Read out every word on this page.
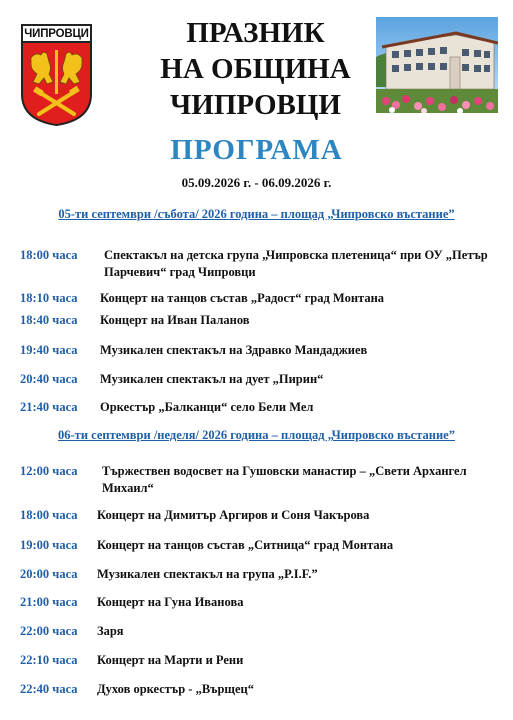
ЧИПРОВЦИ	ПРАЗНИК
НА ОБЩИНА
ЧИПРОВЦИ
ПРОГРАМА
05.09.2026 г. - 06.09.2026 г.
05-ти септември /събота/ 2026 година – площад „Чипровско въстание”
18:00 часа	Спектакъл на детска група „Чипровска плетеница“ при ОУ „Петър Парчевич“ град Чипровци
18:10 часа	Концерт на танцов състав „Радост“ град Монтана
18:40 часа	Концерт на Иван Паланов
19:40 часа	Музикален спектакъл на Здравко Мандаджиев
20:40 часа	Музикален спектакъл на дует „Пирин“
21:40 часа	Оркестър „Балканци“ село Бели Мел
06-ти септември /неделя/ 2026 година – площад „Чипровско въстание”
12:00 часа	Тържествен водосвет на Гушовски манастир – „Свети Архангел Михаил“
18:00 часа	Концерт на Димитър Аргиров и Соня Чакърова
19:00 часа	Концерт на танцов състав „Ситница“ град Монтана
20:00 часа	Музикален спектакъл на група „P.I.F.”
21:00 часа	Концерт на Гуна Иванова
22:00 часа	Заря
22:10 часа	Концерт на Марти и Рени
22:40 часа	Духов оркестър - „Върщец“
